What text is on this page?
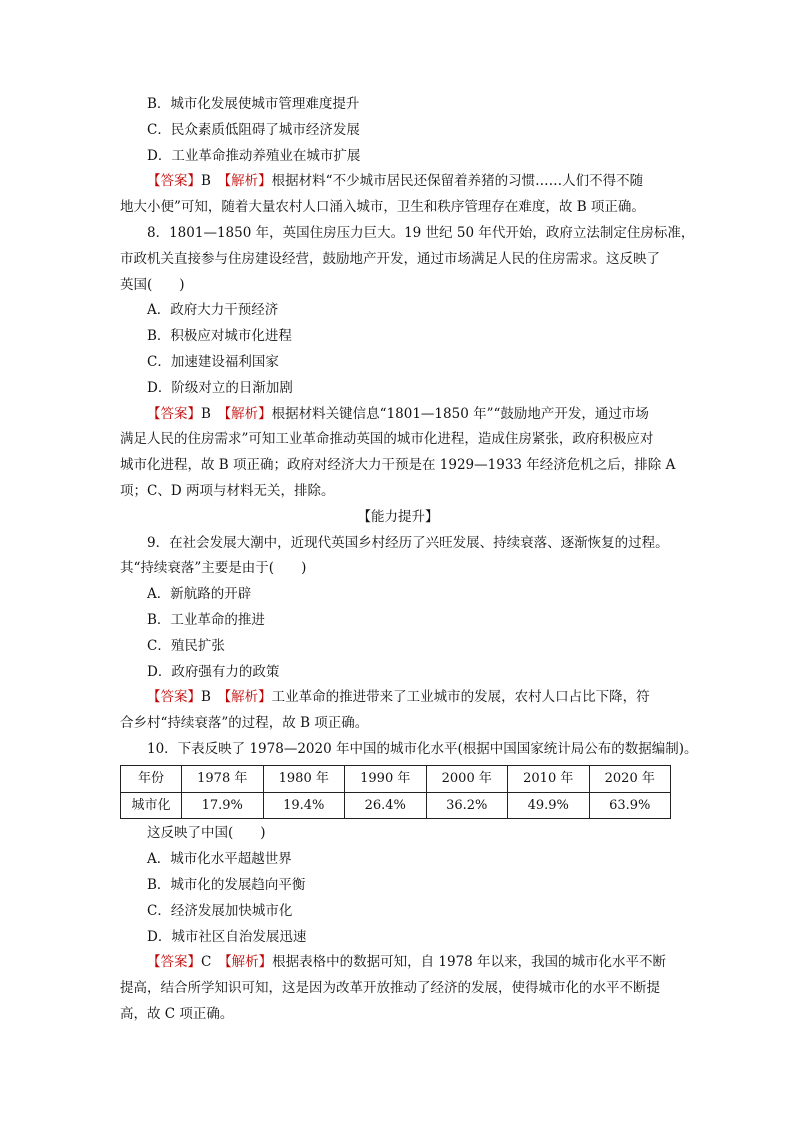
B．城市化发展使城市管理难度提升

C．民众素质低阻碍了城市经济发展

D．工业革命推动养殖业在城市扩展

【答案】B　【解析】根据材料“不少城市居民还保留着养猪的习惯……人们不得不随

地大小便”可知，随着大量农村人口涌入城市，卫生和秩序管理存在难度，故 B 项正确。

8．1801—1850 年，英国住房压力巨大。19 世纪 50 年代开始，政府立法制定住房标准，

市政机关直接参与住房建设经营，鼓励地产开发，通过市场满足人民的住房需求。这反映了

英国(　　)

A．政府大力干预经济

B．积极应对城市化进程

C．加速建设福利国家

D．阶级对立的日渐加剧

【答案】B　【解析】根据材料关键信息“1801—1850 年”“鼓励地产开发，通过市场

满足人民的住房需求”可知工业革命推动英国的城市化进程，造成住房紧张，政府积极应对

城市化进程，故 B 项正确；政府对经济大力干预是在 1929—1933 年经济危机之后，排除 A

项；C、D 两项与材料无关，排除。

【能力提升】

9．在社会发展大潮中，近现代英国乡村经历了兴旺发展、持续衰落、逐渐恢复的过程。

其“持续衰落”主要是由于(　　)

A．新航路的开辟

B．工业革命的推进

C．殖民扩张

D．政府强有力的政策

【答案】B　【解析】工业革命的推进带来了工业城市的发展，农村人口占比下降，符

合乡村“持续衰落”的过程，故 B 项正确。

10．下表反映了 1978—2020 年中国的城市化水平(根据中国国家统计局公布的数据编制)。

年份	1978 年	1980 年	1990 年	2000 年	2010 年	2020 年
城市化	17.9%	19.4%	26.4%	36.2%	49.9%	63.9%

这反映了中国(　　)

A．城市化水平超越世界

B．城市化的发展趋向平衡

C．经济发展加快城市化

D．城市社区自治发展迅速

【答案】C　【解析】根据表格中的数据可知，自 1978 年以来，我国的城市化水平不断

提高，结合所学知识可知，这是因为改革开放推动了经济的发展，使得城市化的水平不断提

高，故 C 项正确。
